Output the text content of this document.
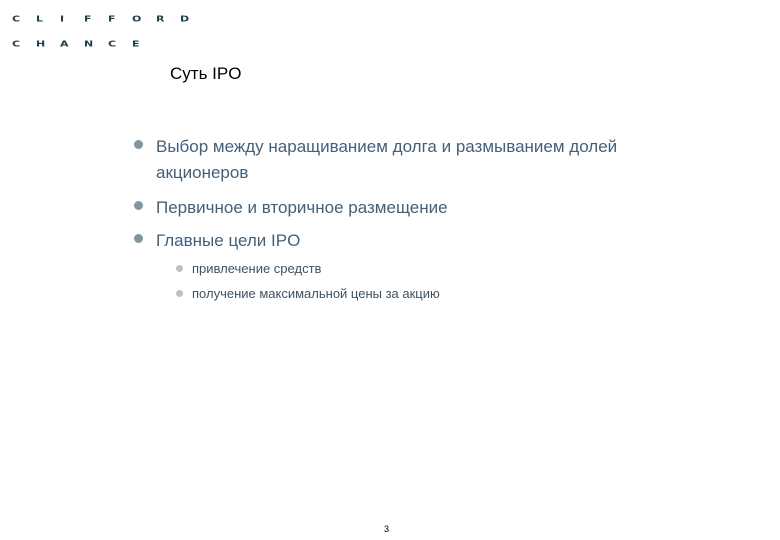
C	L	I	F	F	O	R	D
C	H	A	N	C	E
Суть IPO
Выбор между наращиванием долга и размыванием долей акционеров
Первичное и вторичное размещение
Главные цели IPO
привлечение средств
получение максимальной цены за акцию
3
